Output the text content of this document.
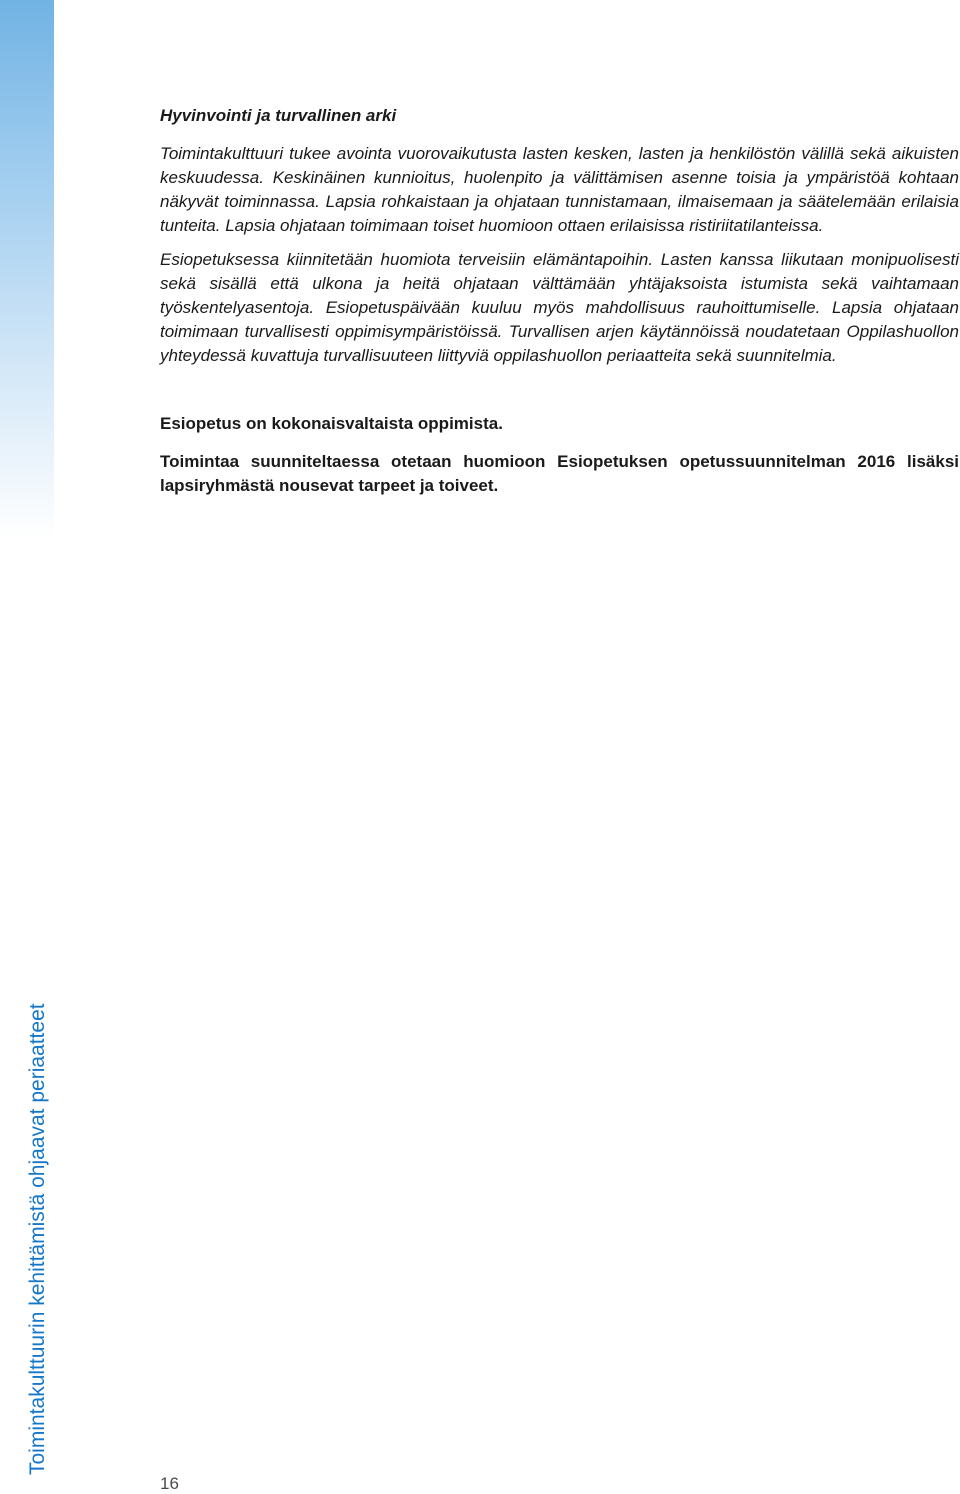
Toimintakulttuurin kehittämistä ohjaavat periaatteet
Hyvinvointi ja turvallinen arki

Toimintakulttuuri tukee avointa vuorovaikutusta lasten kesken, lasten ja henkilöstön välillä sekä aikuisten keskuudessa. Keskinäinen kunnioitus, huolenpito ja välittämisen asenne toisia ja ympäristöä kohtaan näkyvät toiminnassa. Lapsia rohkaistaan ja ohjataan tunnistamaan, ilmaisemaan ja säätelemään erilaisia tunteita. Lapsia ohjataan toimimaan toiset huomioon ottaen erilaisissa ristiriitatilanteissa.

Esiopetuksessa kiinnitetään huomiota terveisiin elämäntapoihin. Lasten kanssa liikutaan monipuolisesti sekä sisällä että ulkona ja heitä ohjataan välttämään yhtäjaksoista istumista sekä vaihtamaan työskentelyasentoja. Esiopetuspäivään kuuluu myös mahdollisuus rauhoittumiselle. Lapsia ohjataan toimimaan turvallisesti oppimisympäristöissä. Turvallisen arjen käytännöissä noudatetaan Oppilashuollon yhteydessä kuvattuja turvallisuuteen liittyviä oppilashuollon periaatteita sekä suunnitelmia.

Esiopetus on kokonaisvaltaista oppimista.

Toimintaa suunniteltaessa otetaan huomioon Esiopetuksen opetussuunnitelman 2016 lisäksi lapsiryhmästä nousevat tarpeet ja toiveet.

16
